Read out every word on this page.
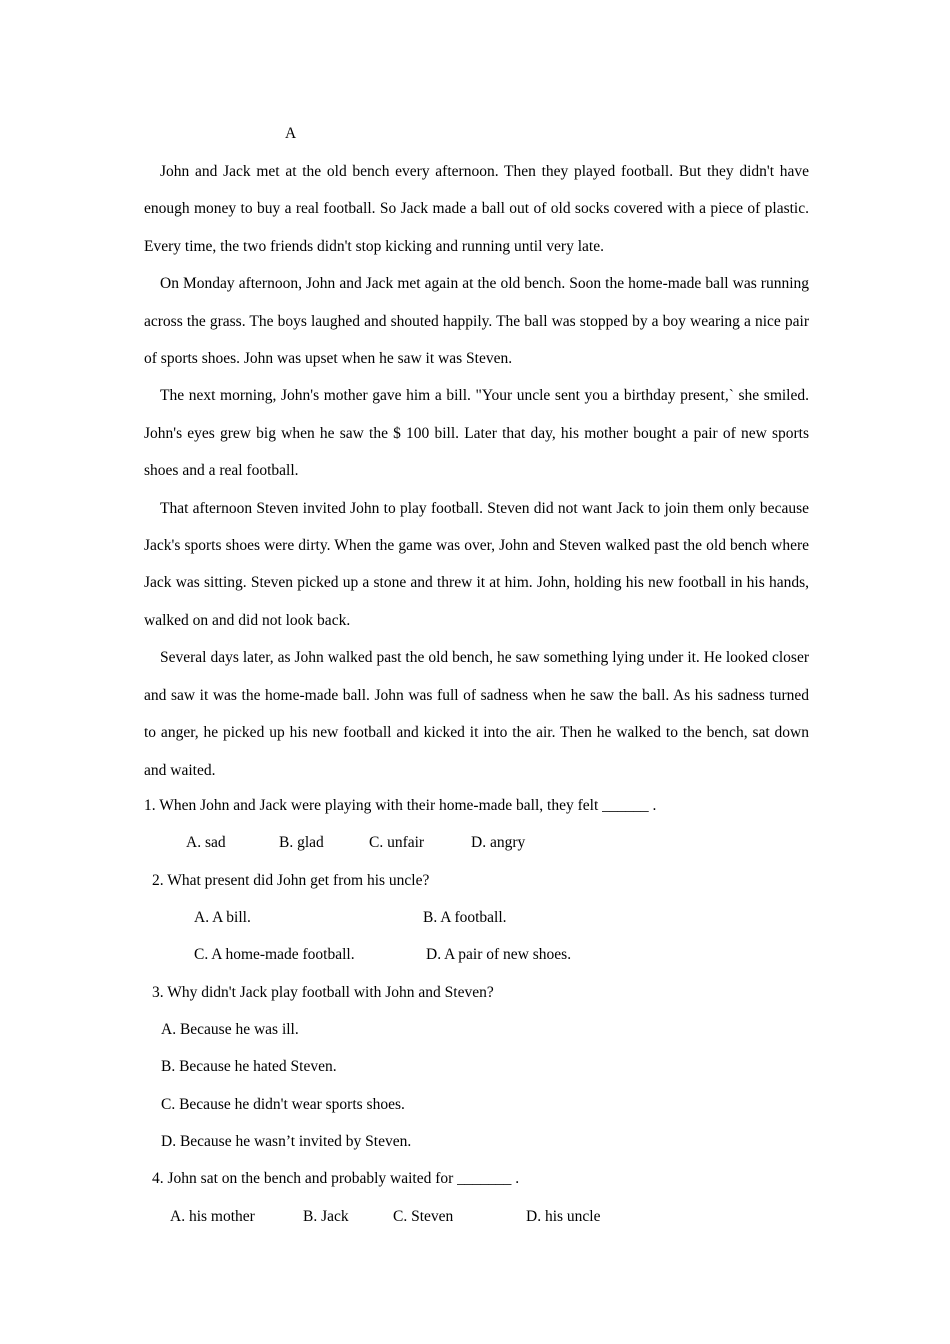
A

John and Jack met at the old bench every afternoon. Then they played football. But they didn't have enough money to buy a real football. So Jack made a ball out of old socks covered with a piece of plastic. Every time, the two friends didn't stop kicking and running until very late.

On Monday afternoon, John and Jack met again at the old bench. Soon the home-made ball was running across the grass. The boys laughed and shouted happily. The ball was stopped by a boy wearing a nice pair of sports shoes. John was upset when he saw it was Steven.

The next morning, John's mother gave him a bill. "Your uncle sent you a birthday present,` she smiled. John's eyes grew big when he saw the $ 100 bill. Later that day, his mother bought a pair of new sports shoes and a real football.

That afternoon Steven invited John to play football. Steven did not want Jack to join them only because Jack's sports shoes were dirty. When the game was over, John and Steven walked past the old bench where Jack was sitting. Steven picked up a stone and threw it at him. John, holding his new football in his hands, walked on and did not look back.

Several days later, as John walked past the old bench, he saw something lying under it. He looked closer and saw it was the home-made ball. John was full of sadness when he saw the ball. As his sadness turned to anger, he picked up his new football and kicked it into the air. Then he walked to the bench, sat down and waited.

1. When John and Jack were playing with their home-made ball, they felt ______ .

A. sad	B. glad	C. unfair	D. angry

2. What present did John get from his uncle?

A. A bill.	B. A football.

C. A home-made football.	D. A pair of new shoes.

3. Why didn't Jack play football with John and Steven?

A. Because he was ill.

B. Because he hated Steven.

C. Because he didn't wear sports shoes.

D. Because he wasn’t invited by Steven.

4. John sat on the bench and probably waited for _______ .

A. his mother	B. Jack	C. Steven	D. his uncle
